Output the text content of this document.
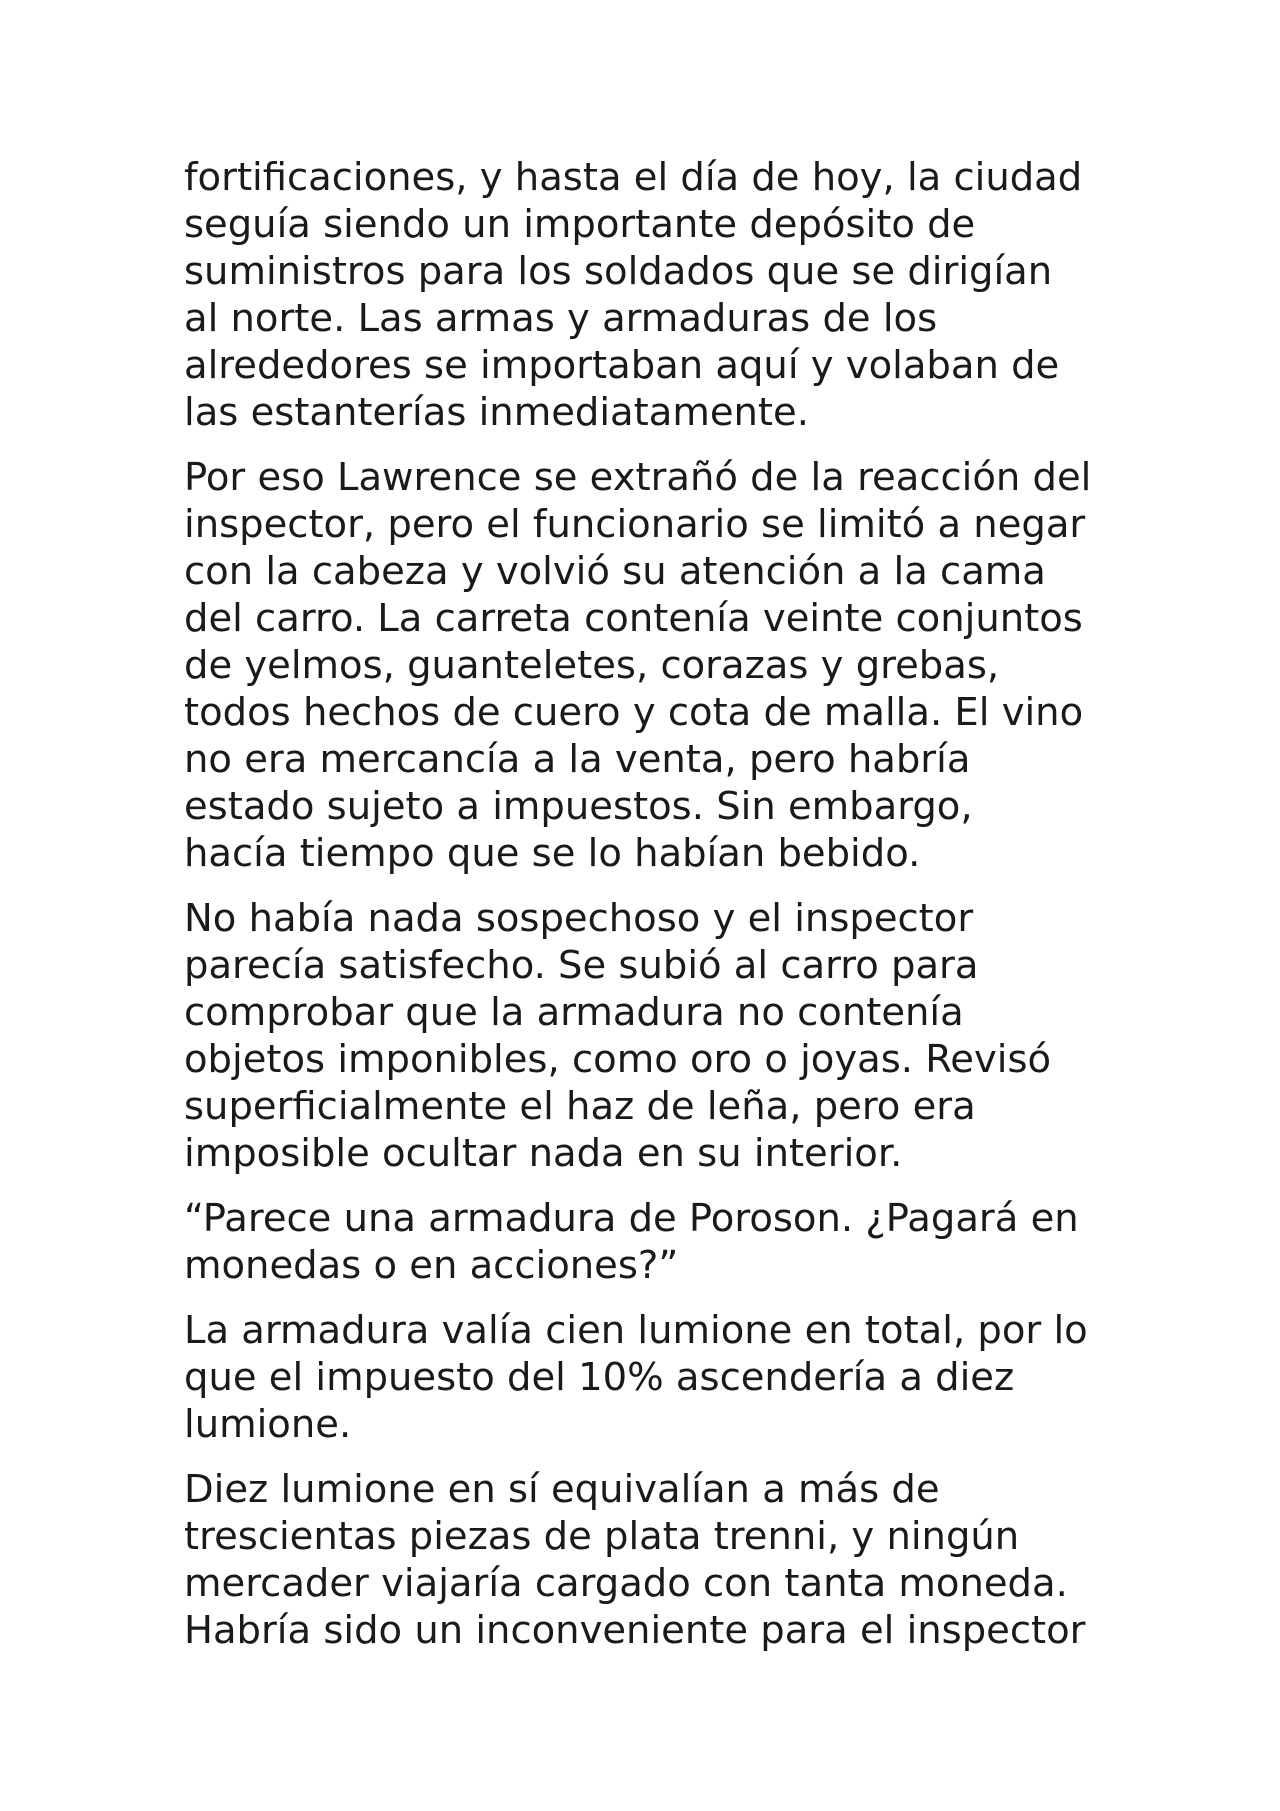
fortificaciones, y hasta el día de hoy, la ciudad
seguía siendo un importante depósito de
suministros para los soldados que se dirigían
al norte. Las armas y armaduras de los
alrededores se importaban aquí y volaban de
las estanterías inmediatamente.

Por eso Lawrence se extrañó de la reacción del
inspector, pero el funcionario se limitó a negar
con la cabeza y volvió su atención a la cama
del carro. La carreta contenía veinte conjuntos
de yelmos, guanteletes, corazas y grebas,
todos hechos de cuero y cota de malla. El vino
no era mercancía a la venta, pero habría
estado sujeto a impuestos. Sin embargo,
hacía tiempo que se lo habían bebido.

No había nada sospechoso y el inspector
parecía satisfecho. Se subió al carro para
comprobar que la armadura no contenía
objetos imponibles, como oro o joyas. Revisó
superficialmente el haz de leña, pero era
imposible ocultar nada en su interior.

“Parece una armadura de Poroson. ¿Pagará en
monedas o en acciones?”

La armadura valía cien lumione en total, por lo
que el impuesto del 10% ascendería a diez
lumione.

Diez lumione en sí equivalían a más de
trescientas piezas de plata trenni, y ningún
mercader viajaría cargado con tanta moneda.
Habría sido un inconveniente para el inspector
